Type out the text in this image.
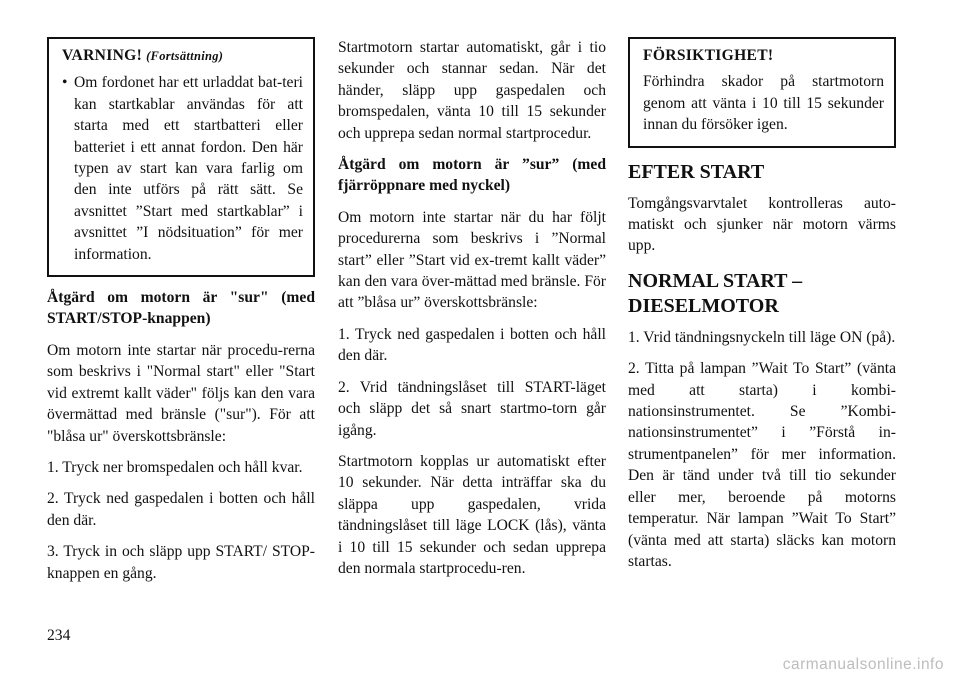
VARNING! (Fortsättning)
• Om fordonet har ett urladdat bat-teri kan startkablar användas för att starta med ett startbatteri eller batteriet i ett annat fordon. Den här typen av start kan vara farlig om den inte utförs på rätt sätt. Se avsnittet ”Start med startkablar” i avsnittet ”I nödsituation” för mer information.

Åtgärd om motorn är "sur" (med START/STOP-knappen)

Om motorn inte startar när procedu-rerna som beskrivs i "Normal start" eller "Start vid extremt kallt väder" följs kan den vara övermättad med bränsle ("sur"). För att "blåsa ur" överskottsbränsle:

1. Tryck ner bromspedalen och håll kvar.

2. Tryck ned gaspedalen i botten och håll den där.

3. Tryck in och släpp upp START/ STOP-knappen en gång.

Startmotorn startar automatiskt, går i tio sekunder och stannar sedan. När det händer, släpp upp gaspedalen och bromspedalen, vänta 10 till 15 sekunder och upprepa sedan normal startprocedur.

Åtgärd om motorn är ”sur” (med fjärröppnare med nyckel)

Om motorn inte startar när du har följt procedurerna som beskrivs i ”Normal start” eller ”Start vid ex-tremt kallt väder” kan den vara över-mättad med bränsle. För att ”blåsa ur” överskottsbränsle:

1. Tryck ned gaspedalen i botten och håll den där.

2. Vrid tändningslåset till START-läget och släpp det så snart startmo-torn går igång.

Startmotorn kopplas ur automatiskt efter 10 sekunder. När detta inträffar ska du släppa upp gaspedalen, vrida tändningslåset till läge LOCK (lås), vänta i 10 till 15 sekunder och sedan upprepa den normala startprocedu-ren.

FÖRSIKTIGHET!

Förhindra skador på startmotorn genom att vänta i 10 till 15 sekunder innan du försöker igen.

EFTER START

Tomgångsvarvtalet kontrolleras auto-matiskt och sjunker när motorn värms upp.

NORMAL START – DIESELMOTOR

1. Vrid tändningsnyckeln till läge ON (på).

2. Titta på lampan ”Wait To Start” (vänta med att starta) i kombi-nationsinstrumentet. Se ”Kombi-nationsinstrumentet” i ”Förstå in-strumentpanelen” för mer information. Den är tänd under två till tio sekunder eller mer, beroende på motorns temperatur. När lampan ”Wait To Start” (vänta med att starta) släcks kan motorn startas.

234
carmanualsonline.info
